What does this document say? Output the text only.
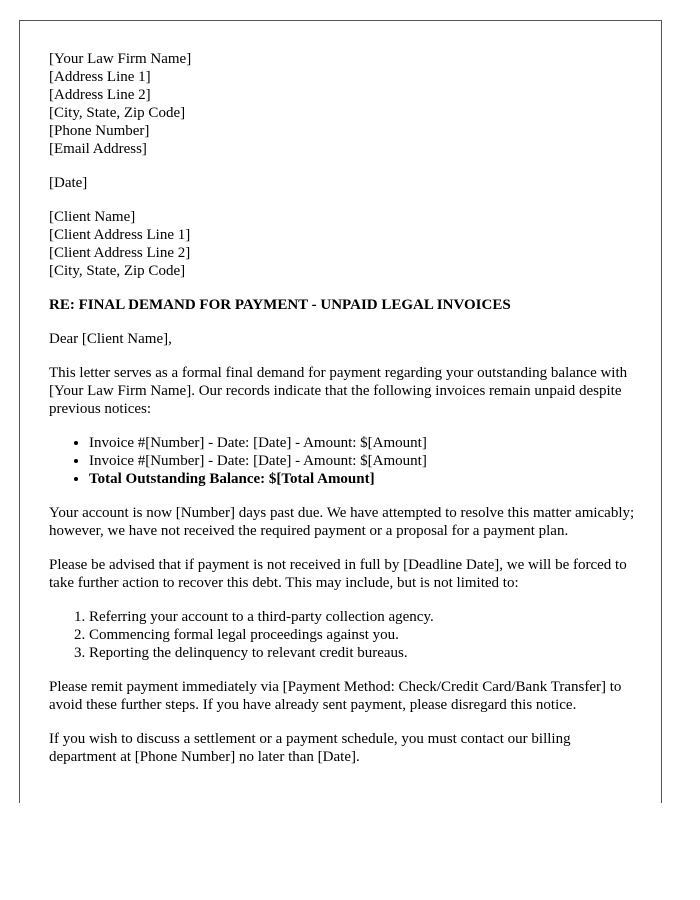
[Your Law Firm Name]
[Address Line 1]
[Address Line 2]
[City, State, Zip Code]
[Phone Number]
[Email Address]
[Date]
[Client Name]
[Client Address Line 1]
[Client Address Line 2]
[City, State, Zip Code]
RE: FINAL DEMAND FOR PAYMENT - UNPAID LEGAL INVOICES

Dear [Client Name],

This letter serves as a formal final demand for payment regarding your outstanding balance with [Your Law Firm Name]. Our records indicate that the following invoices remain unpaid despite previous notices:

• Invoice #[Number] - Date: [Date] - Amount: $[Amount]
• Invoice #[Number] - Date: [Date] - Amount: $[Amount]
• Total Outstanding Balance: $[Total Amount]

Your account is now [Number] days past due. We have attempted to resolve this matter amicably; however, we have not received the required payment or a proposal for a payment plan.

Please be advised that if payment is not received in full by [Deadline Date], we will be forced to take further action to recover this debt. This may include, but is not limited to:

1. Referring your account to a third-party collection agency.
2. Commencing formal legal proceedings against you.
3. Reporting the delinquency to relevant credit bureaus.

Please remit payment immediately via [Payment Method: Check/Credit Card/Bank Transfer] to avoid these further steps. If you have already sent payment, please disregard this notice.

If you wish to discuss a settlement or a payment schedule, you must contact our billing department at [Phone Number] no later than [Date].
